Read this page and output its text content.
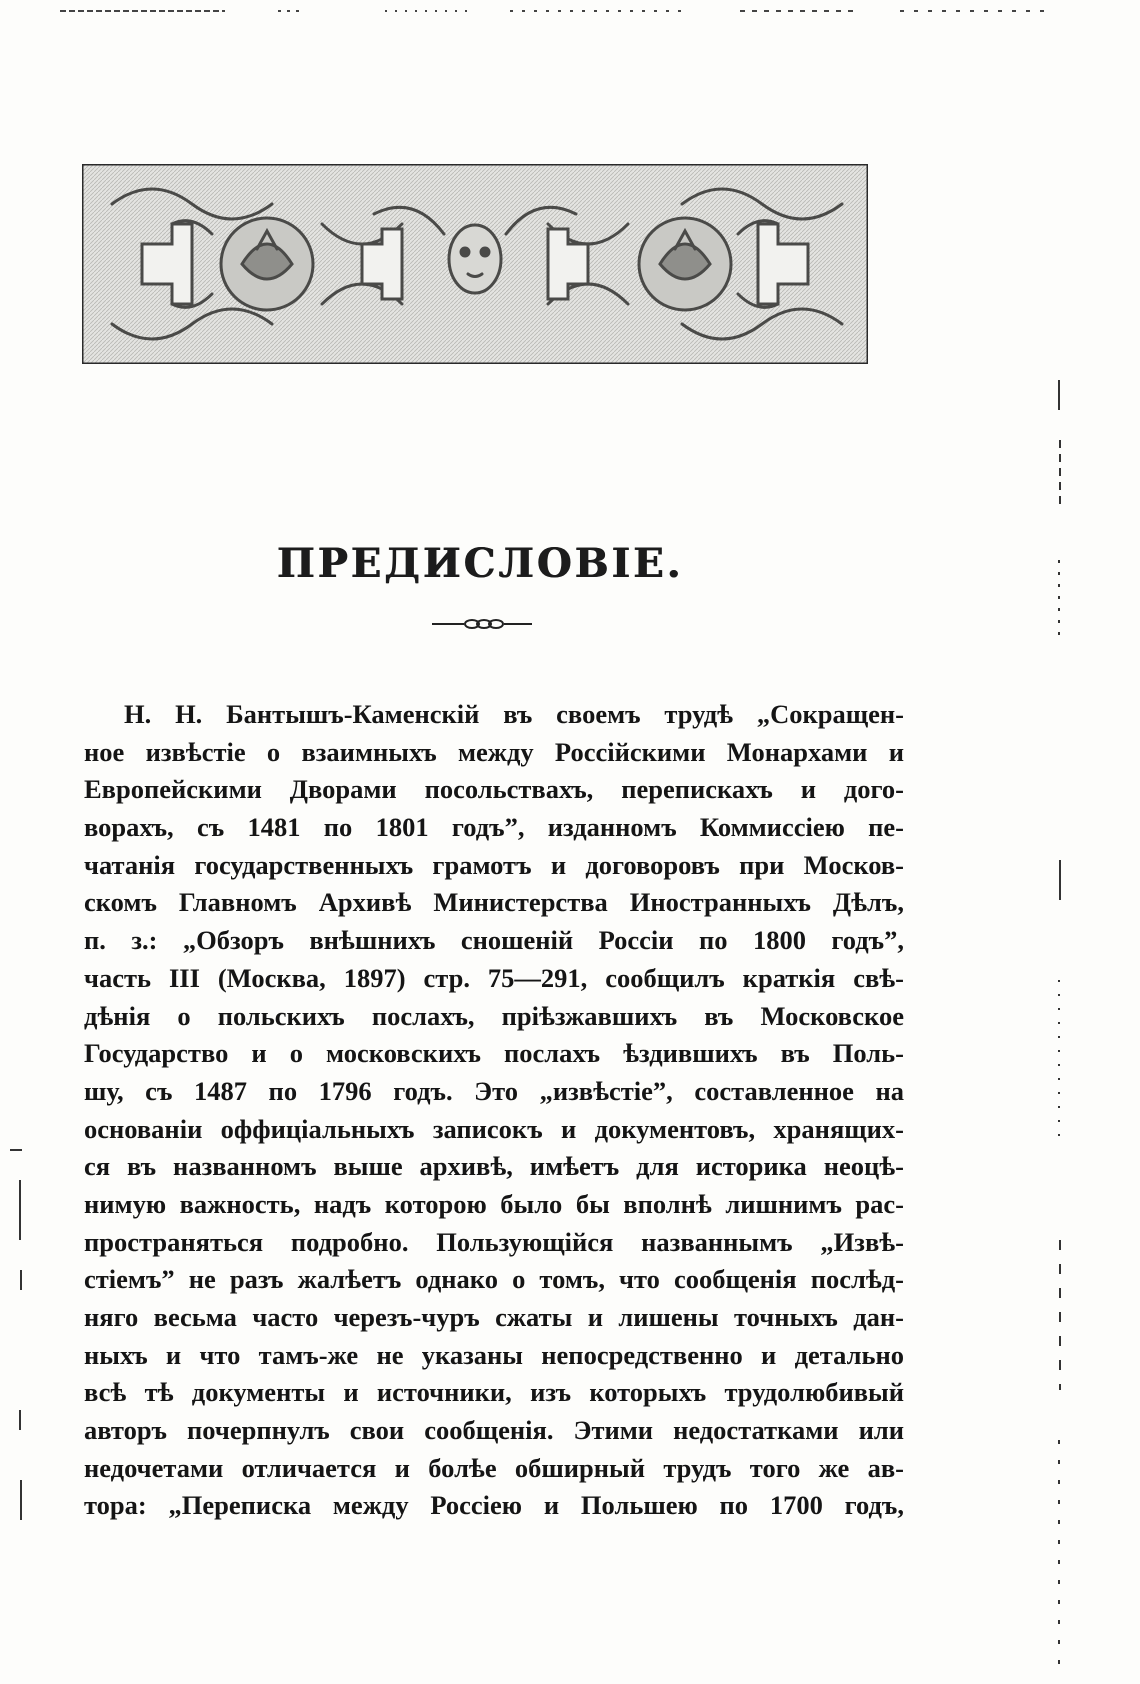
ПРЕДИСЛОВІЕ.
Н. Н. Бантышъ-Каменскій въ своемъ трудѣ „Сокращен-
ное извѣстіе о взаимныхъ между Россійскими Монархами и
Европейскими Дворами посольствахъ, перепискахъ и дого-
ворахъ, съ 1481 по 1801 годъ”, изданномъ Коммиссіею пе-
чатанія государственныхъ грамотъ и договоровъ при Москов-
скомъ Главномъ Архивѣ Министерства Иностранныхъ Дѣлъ,
п. з.: „Обзоръ внѣшнихъ сношеній Россіи по 1800 годъ”,
часть III (Москва, 1897) стр. 75—291, сообщилъ краткія свѣ-
дѣнія о польскихъ послахъ, пріѣзжавшихъ въ Московское
Государство и о московскихъ послахъ ѣздившихъ въ Поль-
шу, съ 1487 по 1796 годъ. Это „извѣстіе”, составленное на
основаніи оффиціальныхъ записокъ и документовъ, хранящих-
ся въ названномъ выше архивѣ, имѣетъ для историка неоцѣ-
нимую важность, надъ которою было бы вполнѣ лишнимъ рас-
пространяться подробно. Пользующійся названнымъ „Извѣ-
стіемъ” не разъ жалѣетъ однако о томъ, что сообщенія послѣд-
няго весьма часто черезъ-чуръ сжаты и лишены точныхъ дан-
ныхъ и что тамъ-же не указаны непосредственно и детально
всѣ тѣ документы и источники, изъ которыхъ трудолюбивый
авторъ почерпнулъ свои сообщенія. Этими недостатками или
недочетами отличается и болѣе обширный трудъ того же ав-
тора: „Переписка между Россіею и Польшею по 1700 годъ,
